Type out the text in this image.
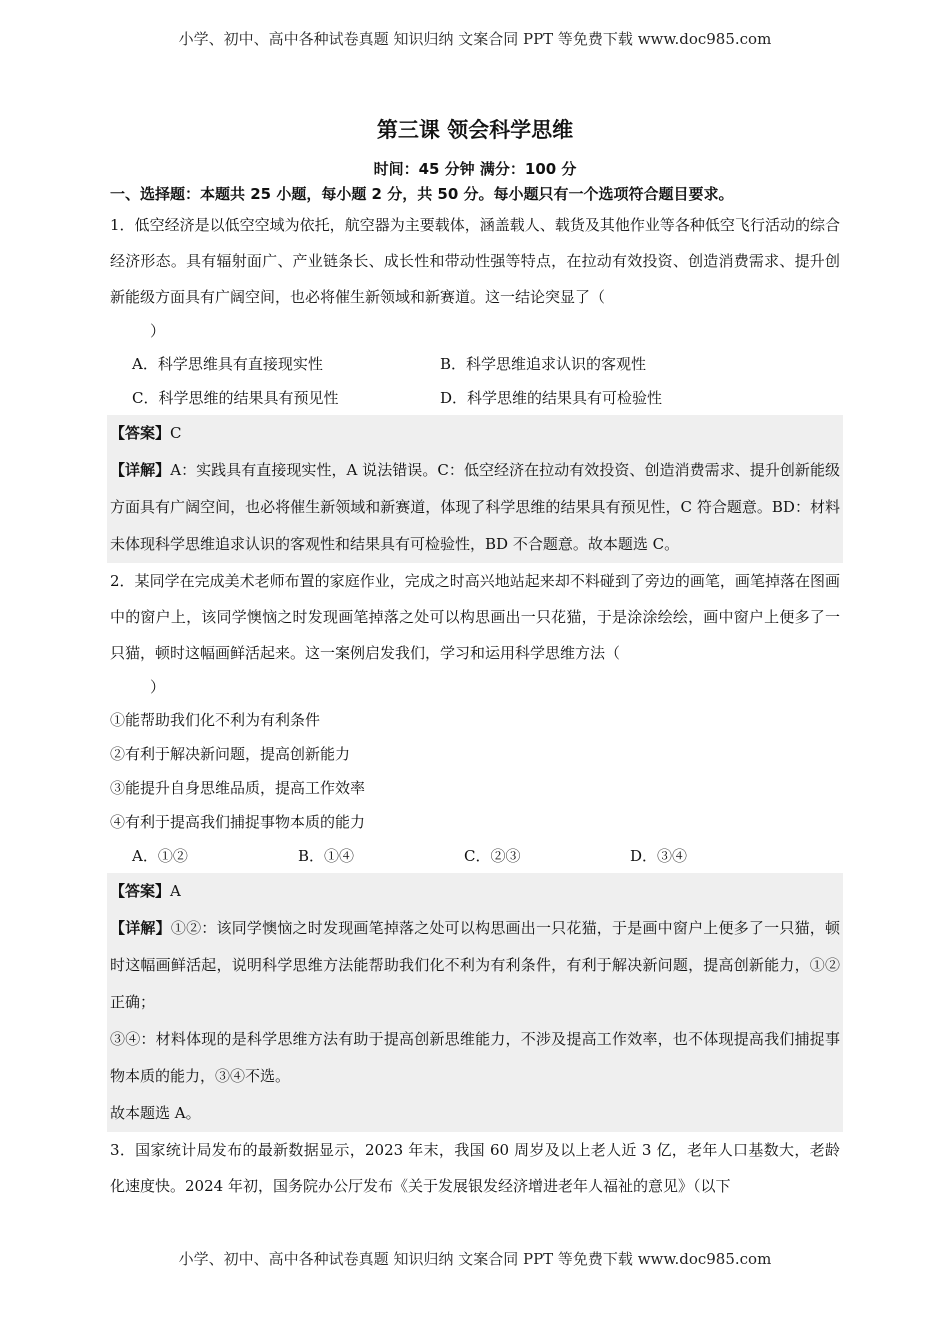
小学、初中、高中各种试卷真题 知识归纳 文案合同 PPT 等免费下载 www.doc985.com
第三课 领会科学思维
时间：45 分钟 满分：100 分
一、选择题：本题共 25 小题，每小题 2 分，共 50 分。每小题只有一个选项符合题目要求。

1．低空经济是以低空空域为依托，航空器为主要载体，涵盖载人、载货及其他作业等各种低空飞行活动的综合经济形态。具有辐射面广、产业链条长、成长性和带动性强等特点，在拉动有效投资、创造消费需求、提升创新能级方面具有广阔空间，也必将催生新领域和新赛道。这一结论突显了（
）

A．科学思维具有直接现实性	B．科学思维追求认识的客观性
C．科学思维的结果具有预见性	D．科学思维的结果具有可检验性

【答案】C

【详解】A：实践具有直接现实性，A 说法错误。C：低空经济在拉动有效投资、创造消费需求、提升创新能级方面具有广阔空间，也必将催生新领域和新赛道，体现了科学思维的结果具有预见性，C 符合题意。BD：材料未体现科学思维追求认识的客观性和结果具有可检验性，BD 不合题意。故本题选 C。

2．某同学在完成美术老师布置的家庭作业，完成之时高兴地站起来却不料碰到了旁边的画笔，画笔掉落在图画中的窗户上，该同学懊恼之时发现画笔掉落之处可以构思画出一只花猫，于是涂涂绘绘，画中窗户上便多了一只猫，顿时这幅画鲜活起来。这一案例启发我们，学习和运用科学思维方法（
）

①能帮助我们化不利为有利条件

②有利于解决新问题，提高创新能力

③能提升自身思维品质，提高工作效率

④有利于提高我们捕捉事物本质的能力

A．①②	B．①④	C．②③	D．③④

【答案】A

【详解】①②：该同学懊恼之时发现画笔掉落之处可以构思画出一只花猫，于是画中窗户上便多了一只猫，顿时这幅画鲜活起，说明科学思维方法能帮助我们化不利为有利条件，有利于解决新问题，提高创新能力，①②正确；

③④：材料体现的是科学思维方法有助于提高创新思维能力，不涉及提高工作效率，也不体现提高我们捕捉事物本质的能力，③④不选。

故本题选 A。

3．国家统计局发布的最新数据显示，2023 年末，我国 60 周岁及以上老人近 3 亿，老年人口基数大，老龄化速度快。2024 年初，国务院办公厅发布《关于发展银发经济增进老年人福祉的意见》（以下

小学、初中、高中各种试卷真题 知识归纳 文案合同 PPT 等免费下载 www.doc985.com
